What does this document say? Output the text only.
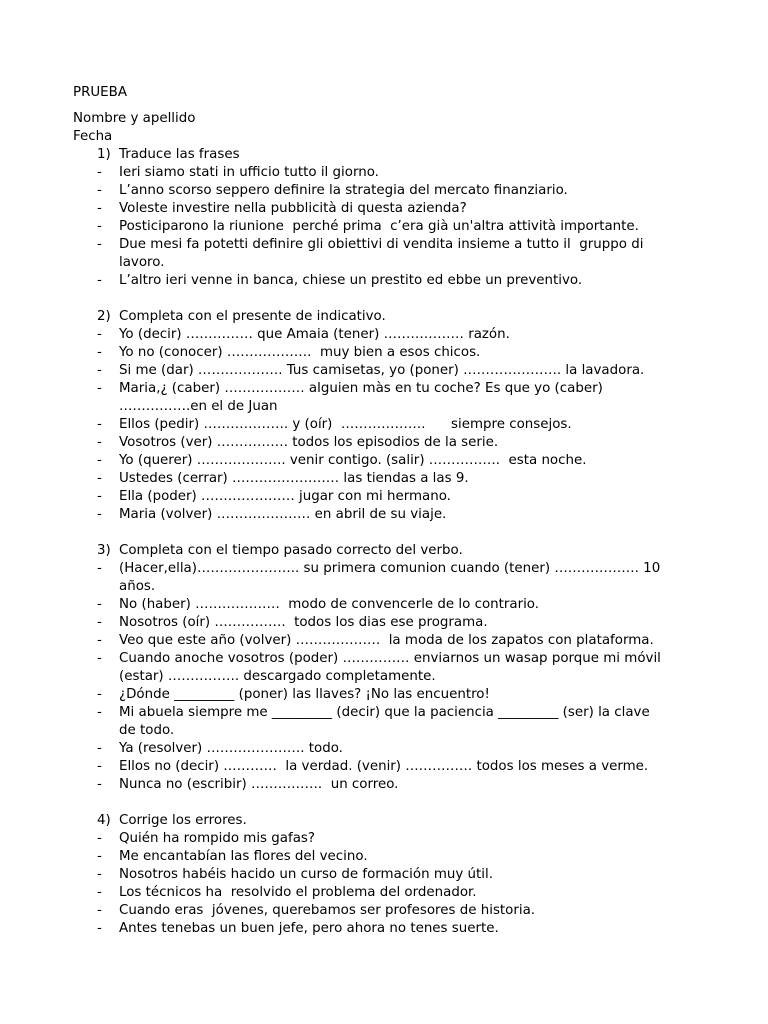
PRUEBA
Nombre y apellido
Fecha
1) Traduce las frases
-	Ieri siamo stati in ufficio tutto il giorno.
-	L’anno scorso seppero definire la strategia del mercato finanziario.
-	Voleste investire nella pubblicità di questa azienda?
-	Posticiparono la riunione  perché prima  c’era già un'altra attività importante.
-	Due mesi fa potetti definire gli obiettivi di vendita insieme a tutto il  gruppo di
lavoro.
-	L’altro ieri venne in banca, chiese un prestito ed ebbe un preventivo.
2) Completa con el presente de indicativo.
-	Yo (decir) …………… que Amaia (tener) ……………… razón.
-	Yo no (conocer) ……………….  muy bien a esos chicos.
-	Si me (dar) ………………. Tus camisetas, yo (poner) …………………. la lavadora.
-	Maria,¿ (caber) ……………… alguien màs en tu coche? Es que yo (caber)
…………….en el de Juan
-	Ellos (pedir) ………………. y (oír)  ……………….      siempre consejos.
-	Vosotros (ver) ……………. todos los episodios de la serie.
-	Yo (querer) ……………….. venir contigo. (salir) …………….  esta noche.
-	Ustedes (cerrar) …………………… las tiendas a las 9.
-	Ella (poder) ………………… jugar con mi hermano.
-	Maria (volver) ………………… en abril de su viaje.
3) Completa con el tiempo pasado correcto del verbo.
-	(Hacer,ella)………………….. su primera comunion cuando (tener) ………………. 10
años.
-	No (haber) ……………….  modo de convencerle de lo contrario.
-	Nosotros (oír) …………….  todos los dias ese programa.
-	Veo que este año (volver) ……………….  la moda de los zapatos con plataforma.
-	Cuando anoche vosotros (poder) …………… enviarnos un wasap porque mi móvil
(estar) ……………. descargado completamente.
-	¿Dónde _________ (poner) las llaves? ¡No las encuentro!
-	Mi abuela siempre me _________ (decir) que la paciencia _________ (ser) la clave
de todo.
-	Ya (resolver) …………………. todo.
-	Ellos no (decir) …………  la verdad. (venir) …………… todos los meses a verme.
-	Nunca no (escribir) …………….  un correo.
4) Corrige los errores.
-	Quién ha rompido mis gafas?
-	Me encantabían las flores del vecino.
-	Nosotros habéis hacido un curso de formación muy útil.
-	Los técnicos ha  resolvido el problema del ordenador.
-	Cuando eras  jóvenes, querebamos ser profesores de historia.
-	Antes tenebas un buen jefe, pero ahora no tenes suerte.
